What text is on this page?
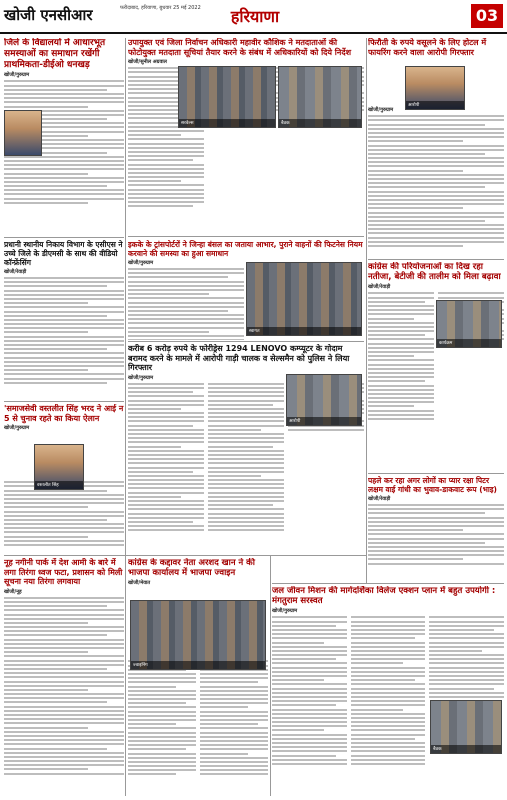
खोजी एनसीआर	फरीदाबाद, हरियाणा, बुधवार 25 मई 2022	हरियाणा	03
जिले के विद्यालयों में आधारभूत समस्याओं का समाधान रखेंगी प्राथमिकता-डीईओ धनखड़
खोजी/गुरुग्राम
उपायुक्त एवं जिला निर्वाचन अधिकारी महावीर कौशिक ने मतदाताओं की फोटोयुक्त मतदाता सूचियां तैयार करने के संबंध में अधिकारियों को दिये निर्देश
खोजी/सुनील अग्रवाल
सरवेल्स	बैठक
फिरौती के रुपये वसूलने के लिए होटल में फायरिंग करने वाला आरोपी गिरफ्तार
खोजी/गुरुग्राम
आरोपी
प्रधानी स्थानीय निकाय विभाग के एसीएस ने उच्चे जिले के डीएमसी के साथ की वीडियो कॉन्फ्रेंसिंग
खोजी/रेवाड़ी
इकके के ट्रांसपोर्टरों ने जिन्हा बंसल का जताया आभार, पुराने वाहनों की फिटनेस नियम करवाने की समस्या का हुआ समाधान
खोजी/गुरुग्राम
स्वागत
कांग्रेस की परियोजनाओं का दिख रहा नतीजा, बेटीजी की तालीम को मिला बढ़ावा
खोजी/रेवाड़ी
कार्यक्रम
'समाजसेवी वस्तलीत सिंह भरद ने आई न 5 से चुनाव रहते का किया ऐलान
खोजी/गुरुग्राम
वस्तलीत सिंह
करीब 6 करोड़ रुपये के फोरीड्रेस 1294 LENOVO कम्प्यूटर के गोदाम बरामद करने के मामले में आरोपी गाड़ी चालक व सेल्समैन को पुलिस ने लिया गिरफ्तार
खोजी/गुरुग्राम
आरोपी
पहले कर रहा अगर लोगों का प्यार रक्षा पिटर लक्षम वाई गांधी का भुवाव-डाकवाट रूप (भाइ)
खोजी/रेवाड़ी
नूह नगीनी पार्क में देश आमी के बारे में लगा तिरंगा ध्वज फटा, प्रशासन को मिली सूचना नया तिरंगा लगवाया
खोजी/नूह
कांग्रेस के कद्दावर नेता अरशद खान ने की भाजपा कार्यालय में भाजपा ज्वाइन
खोजी/मेवात
ज्वाइनिंग
जल जीवन मिशन की मार्गदर्शिका विलेज एक्शन प्लान में बहुत उपयोगी : मंगतुराम सरस्वत
खोजी/गुरुग्राम
बैठक
